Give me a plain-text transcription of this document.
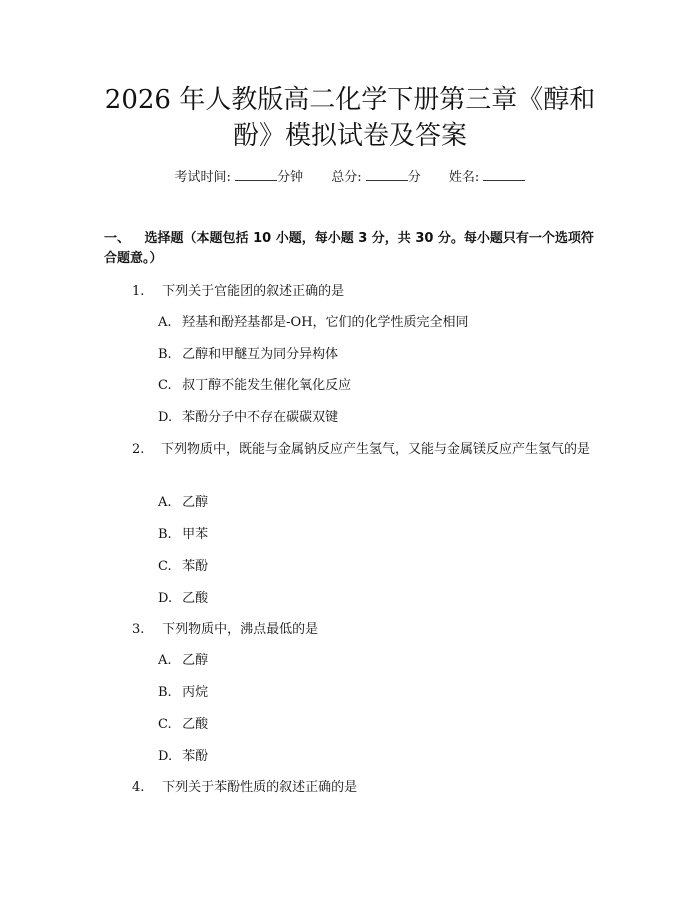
2026 年人教版高二化学下册第三章《醇和
酚》模拟试卷及答案
考试时间:	分钟 总分:	分 姓名:
一、 选择题（本题包括 10 小题，每小题 3 分，共 30 分。每小题只有一个选项符合题意。）
1. 下列关于官能团的叙述正确的是
A. 羟基和酚羟基都是-OH，它们的化学性质完全相同
B. 乙醇和甲醚互为同分异构体
C. 叔丁醇不能发生催化氧化反应
D. 苯酚分子中不存在碳碳双键
2. 下列物质中，既能与金属钠反应产生氢气，又能与金属镁反应产生氢气的是
A. 乙醇
B. 甲苯
C. 苯酚
D. 乙酸
3. 下列物质中，沸点最低的是
A. 乙醇
B. 丙烷
C. 乙酸
D. 苯酚
4. 下列关于苯酚性质的叙述正确的是
